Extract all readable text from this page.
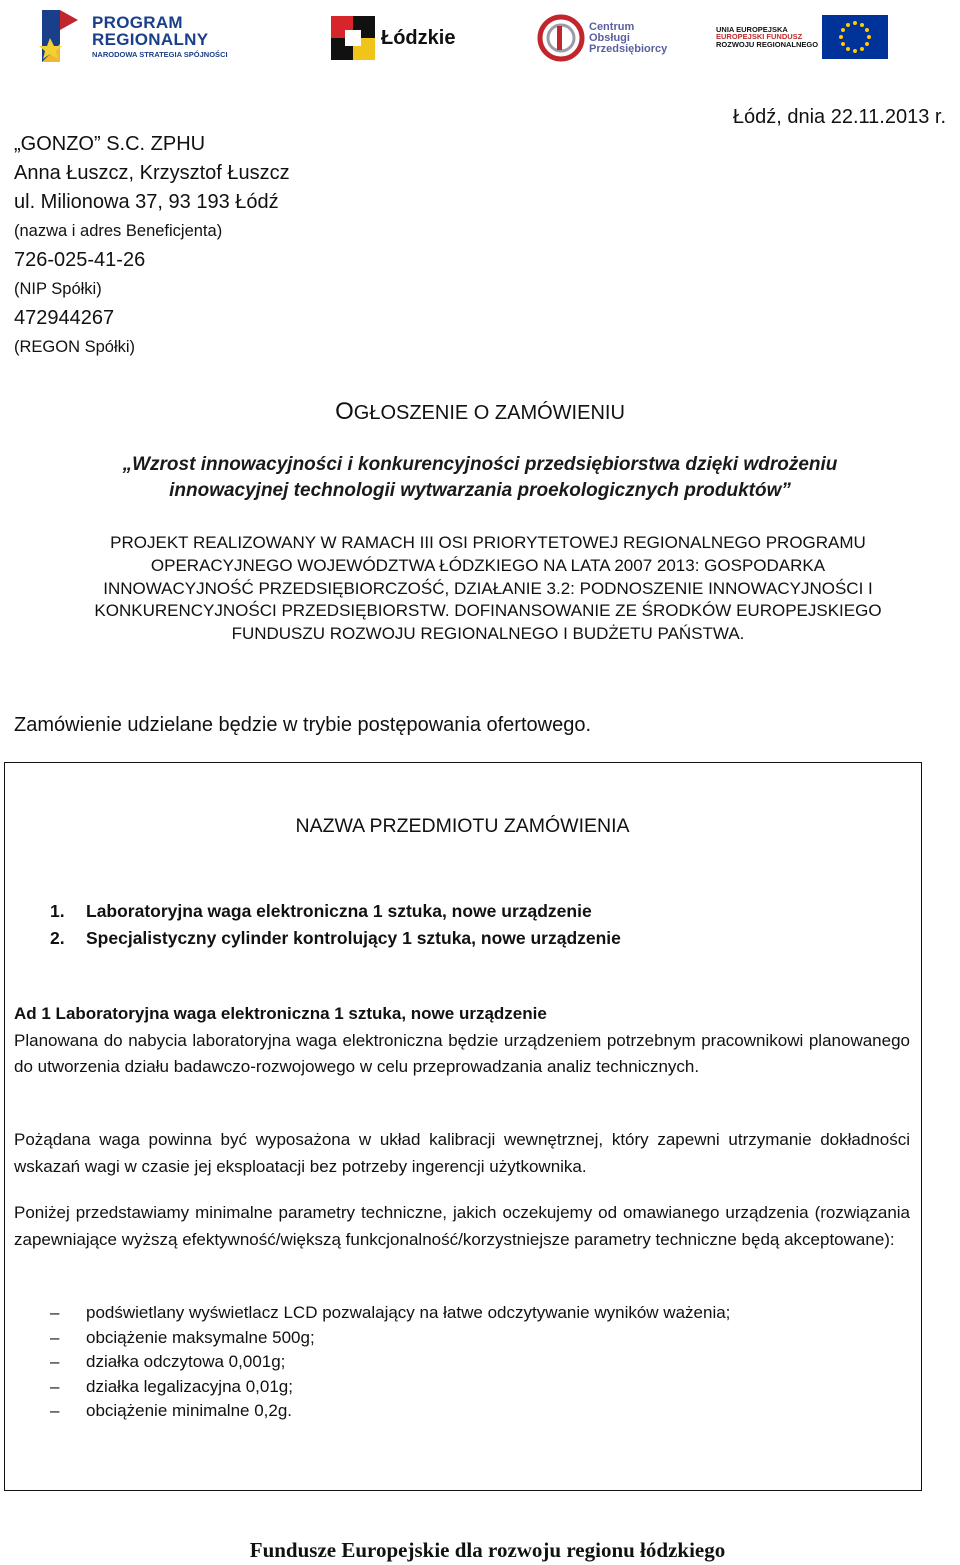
PROGRAM
REGIONALNY
NARODOWA STRATEGIA SPÓJNOŚCI
Łódzkie
Centrum
Obsługi
Przedsiębiorcy
UNIA EUROPEJSKA
EUROPEJSKI FUNDUSZ
ROZWOJU REGIONALNEGO
Łódź, dnia 22.11.2013 r.
„GONZO” S.C. ZPHU
Anna Łuszcz, Krzysztof Łuszcz
ul. Milionowa 37, 93 193 Łódź
(nazwa i adres Beneficjenta)
726-025-41-26
(NIP Spółki)
472944267
(REGON Spółki)
OGŁOSZENIE O ZAMÓWIENIU
„Wzrost innowacyjności i konkurencyjności przedsiębiorstwa dzięki wdrożeniu
innowacyjnej technologii wytwarzania proekologicznych produktów”
PROJEKT REALIZOWANY W RAMACH III OSI PRIORYTETOWEJ REGIONALNEGO PROGRAMU
OPERACYJNEGO WOJEWÓDZTWA ŁÓDZKIEGO NA LATA 2007 2013: GOSPODARKA
INNOWACYJNOŚĆ PRZEDSIĘBIORCZOŚĆ, DZIAŁANIE 3.2: PODNOSZENIE INNOWACYJNOŚCI I
KONKURENCYJNOŚCI PRZEDSIĘBIORSTW. DOFINANSOWANIE ZE ŚRODKÓW EUROPEJSKIEGO
FUNDUSZU ROZWOJU REGIONALNEGO I BUDŻETU PAŃSTWA.
Zamówienie udzielane będzie w trybie postępowania ofertowego.
NAZWA PRZEDMIOTU ZAMÓWIENIA
1. Laboratoryjna waga elektroniczna 1 sztuka, nowe urządzenie
2. Specjalistyczny cylinder kontrolujący 1 sztuka, nowe urządzenie
Ad 1 Laboratoryjna waga elektroniczna 1 sztuka, nowe urządzenie
Planowana do nabycia laboratoryjna waga elektroniczna będzie urządzeniem potrzebnym pracownikowi planowanego do utworzenia działu badawczo-rozwojowego w celu przeprowadzania analiz technicznych.
Pożądana waga powinna być wyposażona w układ kalibracji wewnętrznej, który zapewni utrzymanie dokładności wskazań wagi w czasie jej eksploatacji bez potrzeby ingerencji użytkownika.
Poniżej przedstawiamy minimalne parametry techniczne, jakich oczekujemy od omawianego urządzenia (rozwiązania zapewniające wyższą efektywność/większą funkcjonalność/korzystniejsze parametry techniczne będą akceptowane):
– podświetlany wyświetlacz LCD pozwalający na łatwe odczytywanie wyników ważenia;
– obciążenie maksymalne 500g;
– działka odczytowa 0,001g;
– działka legalizacyjna 0,01g;
– obciążenie minimalne 0,2g.
Fundusze Europejskie dla rozwoju regionu łódzkiego
